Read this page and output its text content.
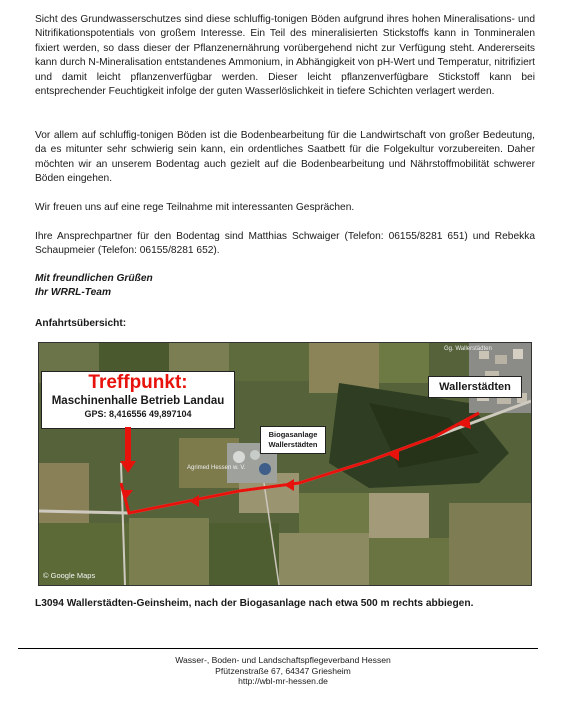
Sicht des Grundwasserschutzes sind diese schluffig-tonigen Böden aufgrund ihres hohen Mineralisations- und Nitrifikationspotentials von großem Interesse. Ein Teil des mineralisierten Stickstoffs kann in Tonmineralen fixiert werden, so dass dieser der Pflanzenernährung vorübergehend nicht zur Verfügung steht. Andererseits kann durch N-Mineralisation entstandenes Ammonium, in Abhängigkeit von pH-Wert und Temperatur, nitrifiziert und damit leicht pflanzenverfügbar werden. Dieser leicht pflanzenverfügbare Stickstoff kann bei entsprechender Feuchtigkeit infolge der guten Wasserlöslichkeit in tiefere Schichten verlagert werden.

Vor allem auf schluffig-tonigen Böden ist die Bodenbearbeitung für die Landwirtschaft von großer Bedeutung, da es mitunter sehr schwierig sein kann, ein ordentliches Saatbett für die Folgekultur vorzubereiten. Daher möchten wir an unserem Bodentag auch gezielt auf die Bodenbearbeitung und Nährstoffmobilität schwerer Böden eingehen.

Wir freuen uns auf eine rege Teilnahme mit interessanten Gesprächen.

Ihre Ansprechpartner für den Bodentag sind Matthias Schwaiger (Telefon: 06155/8281 651) und Rebekka Schaupmeier (Telefon: 06155/8281 652).

Mit freundlichen Grüßen
Ihr WRRL-Team
Anfahrtsübersicht:
Treffpunkt:
Maschinenhalle Betrieb Landau
GPS: 8,416556 49,897104
Wallerstädten
Biogasanlage
Wallerstädten
Agrimed Hessen w. V.
Gg. Wallerstädten
© Google Maps
L3094 Wallerstädten-Geinsheim, nach der Biogasanlage nach etwa 500 m rechts abbiegen.
Wasser-, Boden- und Landschaftspflegeverband Hessen
Pfützenstraße 67, 64347 Griesheim
http://wbl-mr-hessen.de
